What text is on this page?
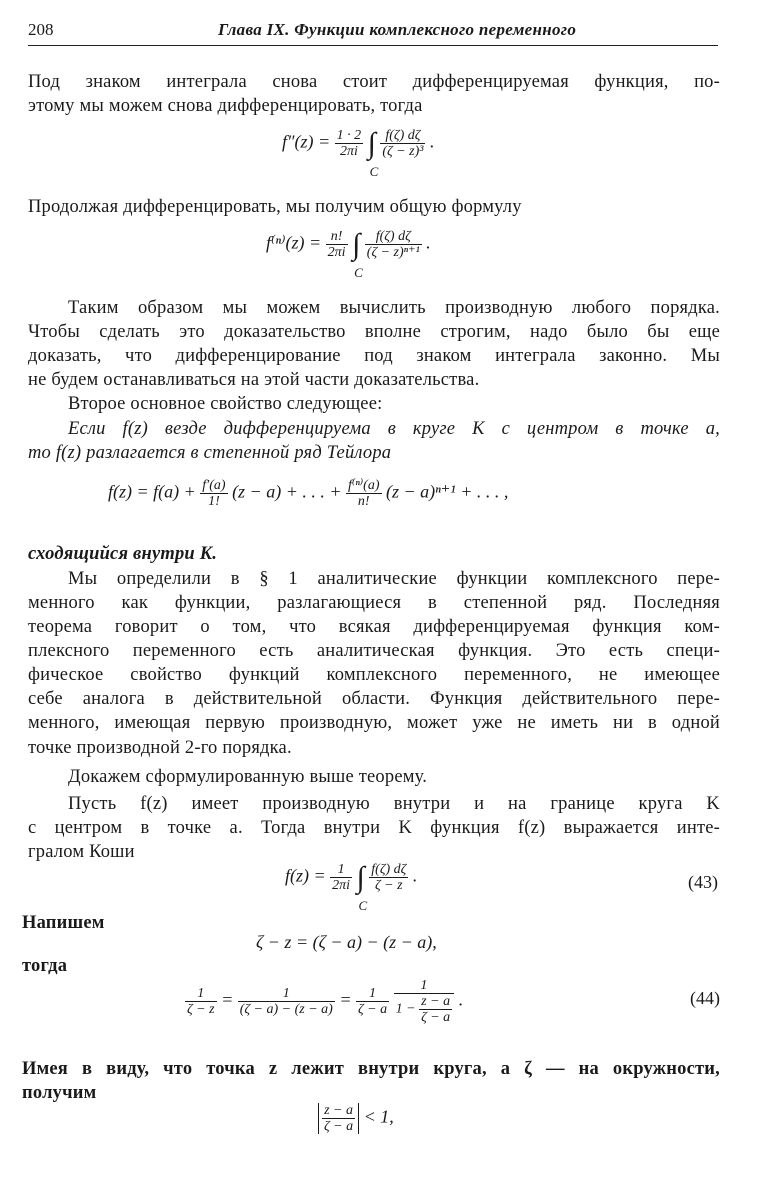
208	Глава IX. Функции комплексного переменного
Под знаком интеграла снова стоит дифференцируемая функция, по-
этому мы можем снова дифференцировать, тогда
$f''(z) = \frac{1 \cdot 2}{2\pi i}$ ∫
C

$\frac{f(\zeta) d\zeta}{\text{(ζ − z)³}}$ .
Продолжая дифференцировать, мы получим общую формулу
$f^{(n)}(z) = \frac{n!}{2\pi i}$ ∫
C

$\frac{f(\zeta) d\zeta}{\text{(ζ − z)ⁿ⁺¹}}$ .
Таким образом мы можем вычислить производную любого порядка.
Чтобы сделать это доказательство вполне строгим, надо было бы еще
доказать, что дифференцирование под знаком интеграла законно. Мы
не будем останавливаться на этой части доказательства.
Второе основное свойство следующее:
Если f(z) везде дифференцируема в круге K с центром в точке a,
то f(z) разлагается в степенной ряд Тейлора
$f(z) = f(a) + \frac{f'(a)}{1!} (z - a)$ + . . . + $\frac{\text{f⁽ⁿ⁾(a)}}{n!} (z - a)^{n+1}$ + . . . ,
сходящийся внутри K.
Мы определили в § 1 аналитические функции комплексного пере-
менного как функции, разлагающиеся в степенной ряд. Последняя
теорема говорит о том, что всякая дифференцируемая функция ком-
плексного переменного есть аналитическая функция. Это есть специ-
фическое свойство функций комплексного переменного, не имеющее
себе аналога в действительной области. Функция действительного пере-
менного, имеющая первую производную, может уже не иметь ни в одной
точке производной 2-го порядка.
Докажем сформулированную выше теорему.
Пусть f(z) имеет производную внутри и на границе круга K
с центром в точке a. Тогда внутри K функция f(z) выражается инте-
гралом Коши
$f(z) = \frac{1}{2\pi i}$ ∫
C

$\frac{f(\zeta) d\zeta}{\zeta - z}$ .	(43)
Напишем
ζ − z = (ζ − a) − (z − a),
тогда
$\frac{1}{\zeta - z} = \frac{1}{(\zeta - a) - (z - a)} = \frac{1}{\zeta - a}$
$\frac{1}{1 - \frac{z - a}{\zeta - a}}$ .	(44)
Имея в виду, что точка z лежит внутри круга, а ζ — на окружности,
получим
$\frac{z - a}{\zeta - a} < 1$,
